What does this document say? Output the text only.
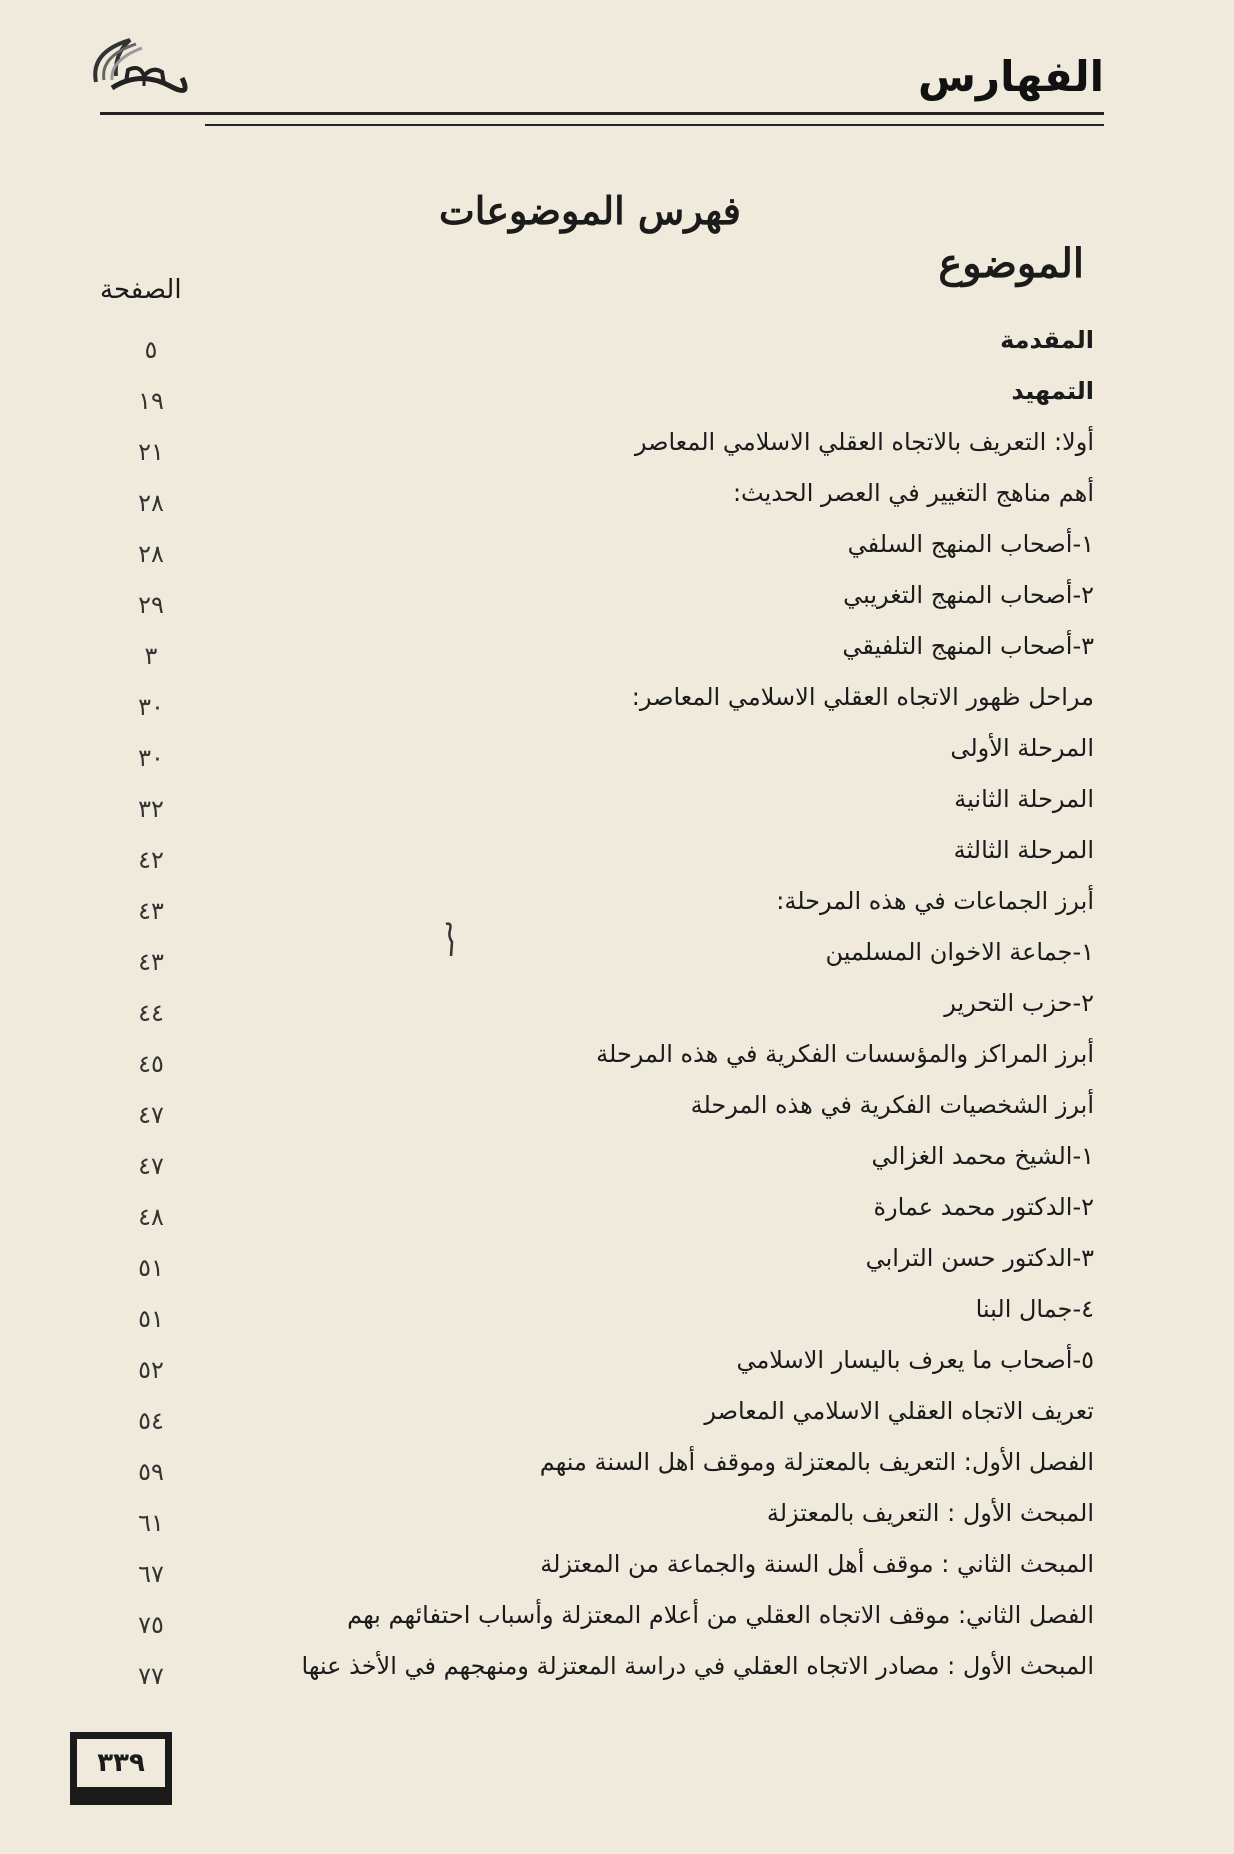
الفهارس
فهرس الموضوعات
الموضوع
الصفحة
المقدمة
٥
التمهيد
١٩
أولا: التعريف بالاتجاه العقلي الاسلامي المعاصر
٢١
أهم مناهج التغيير في العصر الحديث:
٢٨
١-أصحاب المنهج السلفي
٢٨
٢-أصحاب المنهج التغريبي
٢٩
٣-أصحاب المنهج التلفيقي
٣
مراحل ظهور الاتجاه العقلي الاسلامي المعاصر:
٣٠
المرحلة الأولى
٣٠
المرحلة الثانية
٣٢
المرحلة الثالثة
٤٢
أبرز الجماعات في هذه المرحلة:
٤٣
١-جماعة الاخوان المسلمين
٤٣
٢-حزب التحرير
٤٤
أبرز المراكز والمؤسسات الفكرية في هذه المرحلة
٤٥
أبرز الشخصيات الفكرية في هذه المرحلة
٤٧
١-الشيخ محمد الغزالي
٤٧
٢-الدكتور محمد عمارة
٤٨
٣-الدكتور حسن الترابي
٥١
٤-جمال البنا
٥١
٥-أصحاب ما يعرف باليسار الاسلامي
٥٢
تعريف الاتجاه العقلي الاسلامي المعاصر
٥٤
الفصل الأول: التعريف بالمعتزلة وموقف أهل السنة منهم
٥٩
المبحث الأول : التعريف بالمعتزلة
٦١
المبحث الثاني : موقف أهل السنة والجماعة من المعتزلة
٦٧
الفصل الثاني: موقف الاتجاه العقلي من أعلام المعتزلة وأسباب احتفائهم بهم
٧٥
المبحث الأول : مصادر الاتجاه العقلي في دراسة المعتزلة ومنهجهم في الأخذ عنها
٧٧
٣٣٩
